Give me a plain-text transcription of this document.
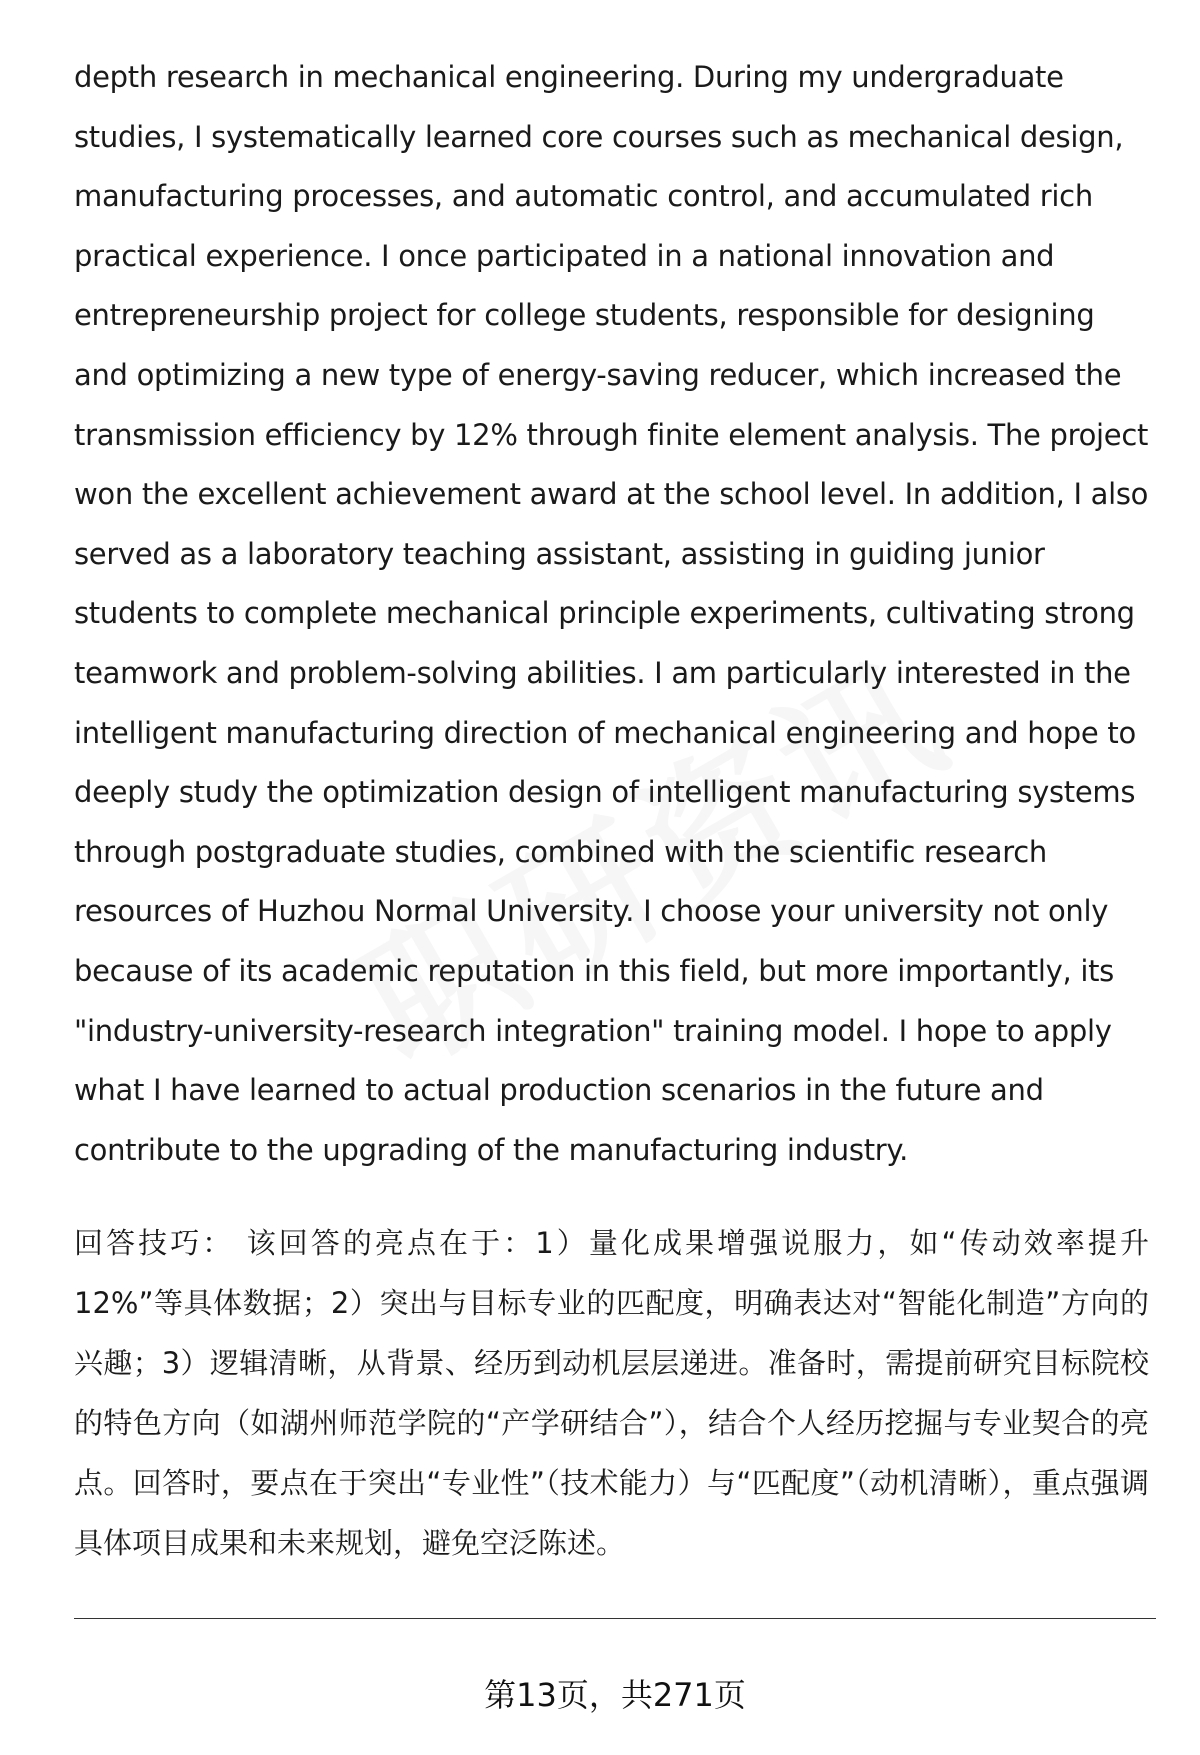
depth research in mechanical engineering. During my undergraduate studies, I systematically learned core courses such as mechanical design, manufacturing processes, and automatic control, and accumulated rich practical experience. I once participated in a national innovation and entrepreneurship project for college students, responsible for designing and optimizing a new type of energy-saving reducer, which increased the transmission efficiency by 12% through finite element analysis. The project won the excellent achievement award at the school level. In addition, I also served as a laboratory teaching assistant, assisting in guiding junior students to complete mechanical principle experiments, cultivating strong teamwork and problem-solving abilities. I am particularly interested in the intelligent manufacturing direction of mechanical engineering and hope to deeply study the optimization design of intelligent manufacturing systems through postgraduate studies, combined with the scientific research resources of Huzhou Normal University. I choose your university not only because of its academic reputation in this field, but more importantly, its "industry-university-research integration" training model. I hope to apply what I have learned to actual production scenarios in the future and contribute to the upgrading of the manufacturing industry.

回答技巧： 该回答的亮点在于：1）量化成果增强说服力，如“传动效率提升12%”等具体数据；2）突出与目标专业的匹配度，明确表达对“智能化制造”方向的兴趣；3）逻辑清晰，从背景、经历到动机层层递进。准备时，需提前研究目标院校的特色方向（如湖州师范学院的“产学研结合”），结合个人经历挖掘与专业契合的亮点。回答时，要点在于突出“专业性”（技术能力）与“匹配度”（动机清晰），重点强调具体项目成果和未来规划，避免空泛陈述。

第13页，共271页
